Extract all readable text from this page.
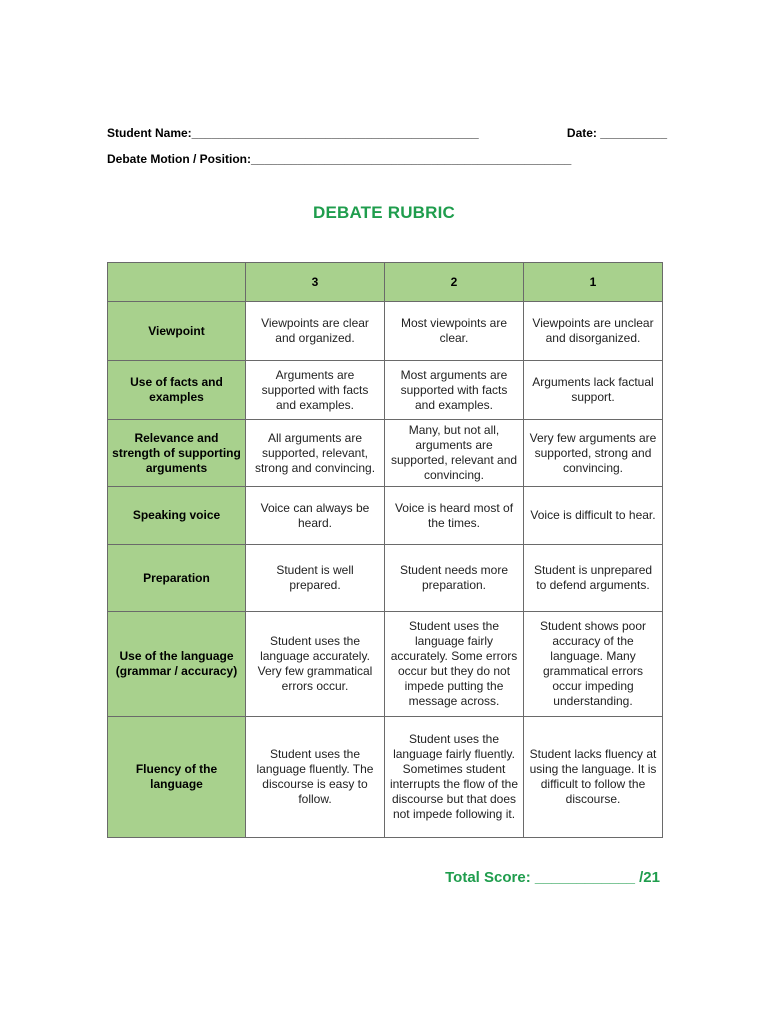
Student Name:___________________________________________	Date: __________
Debate Motion / Position:________________________________________________
DEBATE RUBRIC
	3	2	1
Viewpoint	Viewpoints are clear and organized.	Most viewpoints are clear.	Viewpoints are unclear and disorganized.
Use of facts and examples	Arguments are supported with facts and examples.	Most arguments are supported with facts and examples.	Arguments lack factual support.
Relevance and strength of supporting arguments	All arguments are supported, relevant, strong and convincing.	Many, but not all, arguments are supported, relevant and convincing.	Very few arguments are supported, strong and convincing.
Speaking voice	Voice can always be heard.	Voice is heard most of the times.	Voice is difficult to hear.
Preparation	Student is well prepared.	Student needs more preparation.	Student is unprepared to defend arguments.
Use of the language (grammar / accuracy)	Student uses the language accurately. Very few grammatical errors occur.	Student uses the language fairly accurately. Some errors occur but they do not impede putting the message across.	Student shows poor accuracy of the language. Many grammatical errors occur impeding understanding.
Fluency of the language	Student uses the language fluently. The discourse is easy to follow.	Student uses the language fairly fluently. Sometimes student interrupts the flow of the discourse but that does not impede following it.	Student lacks fluency at using the language. It is difficult to follow the discourse.
Total Score: ____________ /21
